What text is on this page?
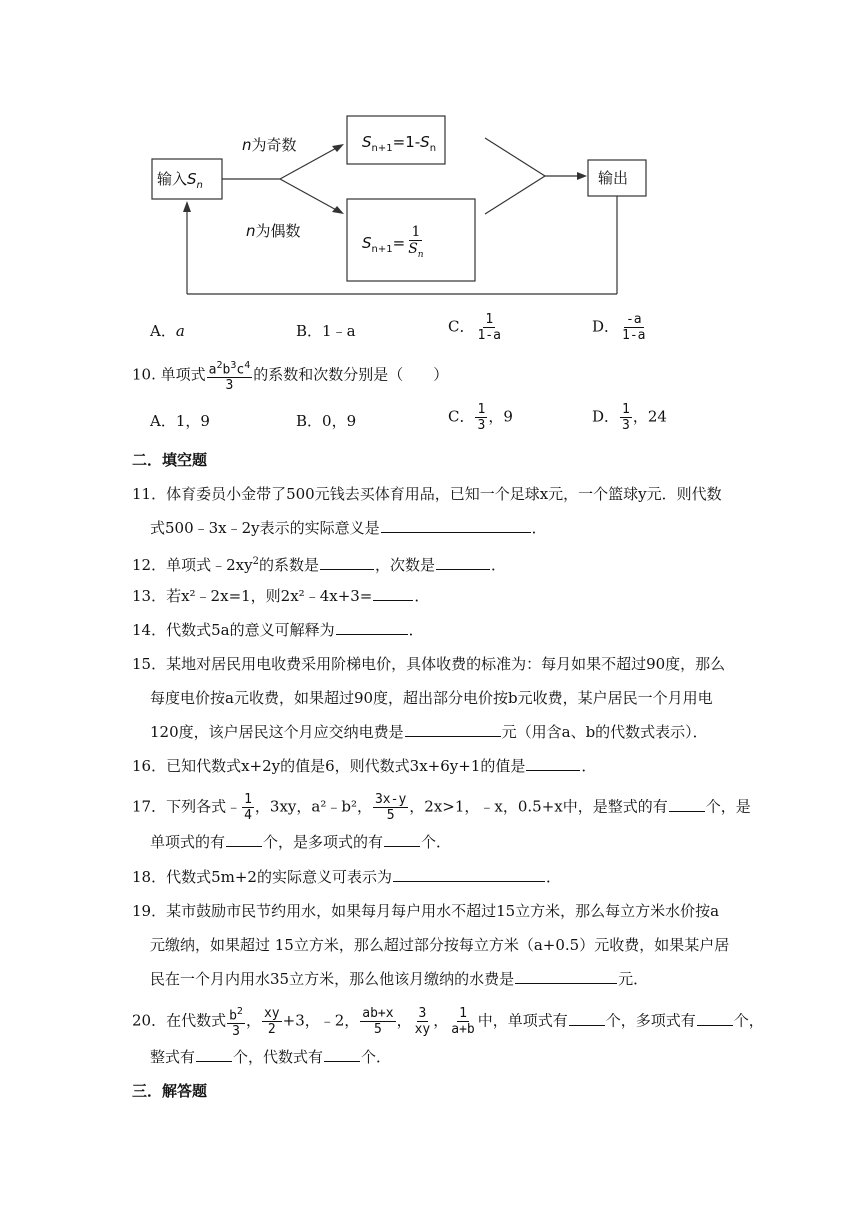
输入$S_n$
n为奇数
n为偶数
$S_{n+1}=1-S_n$
$S_{n+1}= \frac{1}{S_n}$
输出
A．a	B．1﹣a	C． $\frac{1}{1-a}$	D． $\frac{-a}{1-a}$
10. 单项式 $\frac{a^2b^3c^4}{3}$ 的系数和次数分别是（　　）
A．1，9	B．0，9	C． $\frac{1}{3}$ ，9	D． $\frac{1}{3}$ ，24
二．填空题
11．体育委员小金带了500元钱去买体育用品，已知一个足球x元，一个篮球y元．则代数
式500﹣3x﹣2y表示的实际意义是	．
12．单项式$﹣2xy^2$的系数是	，次数是	．
13．若x²﹣2x=1，则2x²﹣4x+3=	．
14．代数式5a的意义可解释为	．
15．某地对居民用电收费采用阶梯电价，具体收费的标准为：每月如果不超过90度，那么
每度电价按a元收费，如果超过90度，超出部分电价按b元收费，某户居民一个月用电
120度，该户居民这个月应交纳电费是	元（用含a、b的代数式表示）．
16．已知代数式x+2y的值是6，则代数式3x+6y+1的值是	．
17．下列各式﹣ $\frac{1}{4}$ ，3xy，a²﹣b²， $\frac{3x-y}{5}$ ，2x>1，﹣x，0.5+x中，是整式的有	个，是
单项式的有	个，是多项式的有	个．
18．代数式5m+2的实际意义可表示为	．
19．某市鼓励市民节约用水，如果每月每户用水不超过15立方米，那么每立方米水价按a
元缴纳，如果超过 15立方米，那么超过部分按每立方米（a+0.5）元收费，如果某户居
民在一个月内用水35立方米，那么他该月缴纳的水费是	元．
20．在代数式 $\frac{b^2}{3}$ ， $\frac{xy}{2} +3$，﹣2， $\frac{ab+x}{5}$ ， $\frac{3}{xy}$ ， $\frac{1}{a+b}$ 中，单项式有	个，多项式有	个，
整式有	个，代数式有	个．
三．解答题
